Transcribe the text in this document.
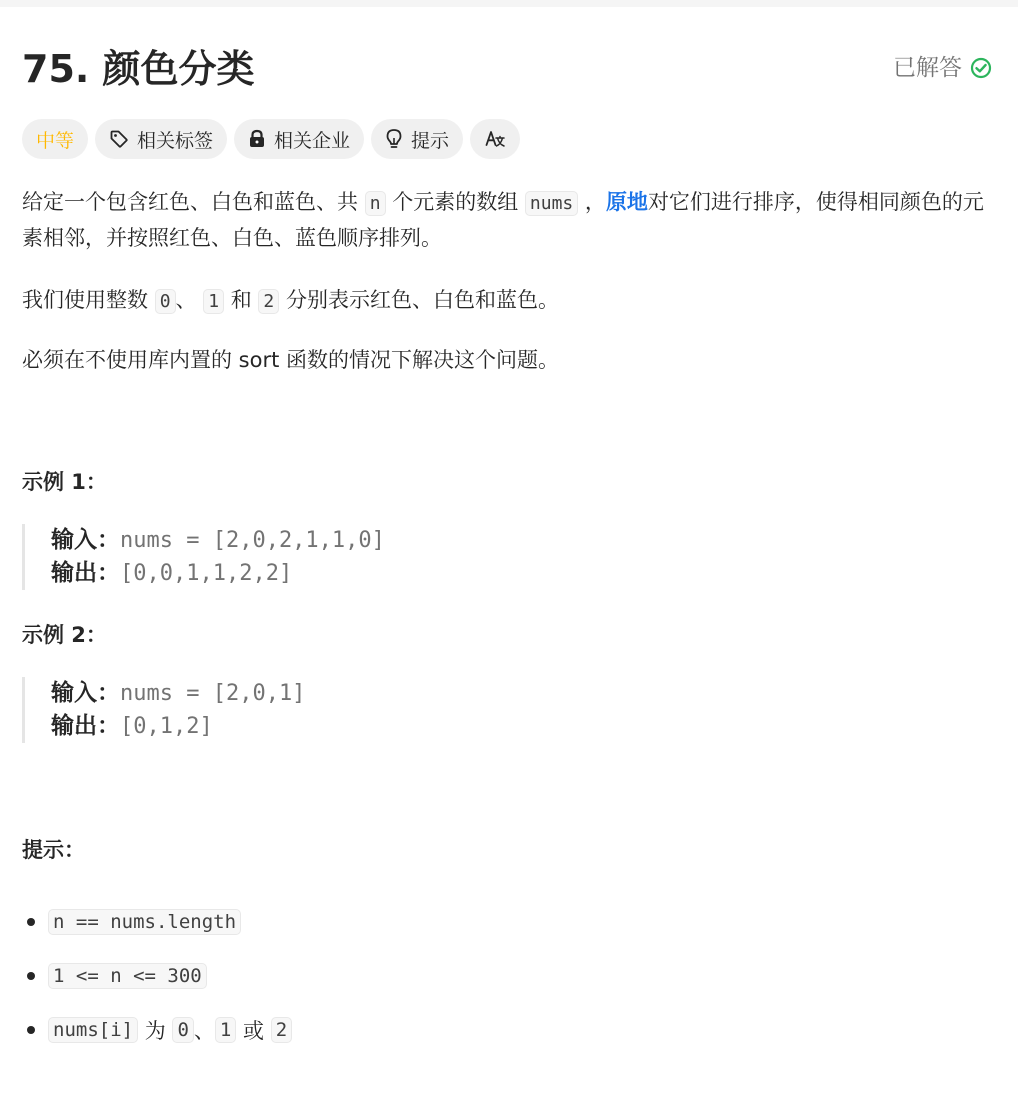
75. 颜色分类	已解答
中等	相关标签	相关企业	提示

给定一个包含红色、白色和蓝色、共 n 个元素的数组 nums ，原地对它们进行排序，使得相同颜色的元素相邻，并按照红色、白色、蓝色顺序排列。

我们使用整数 0 、 1 和 2 分别表示红色、白色和蓝色。

必须在不使用库内置的 sort 函数的情况下解决这个问题。

示例 1：
输入：nums = [2,0,2,1,1,0]
输出：[0,0,1,1,2,2]
示例 2：
输入：nums = [2,0,1]
输出：[0,1,2]
提示：
n == nums.length
1 <= n <= 300
nums[i] 为 0 、 1 或 2
